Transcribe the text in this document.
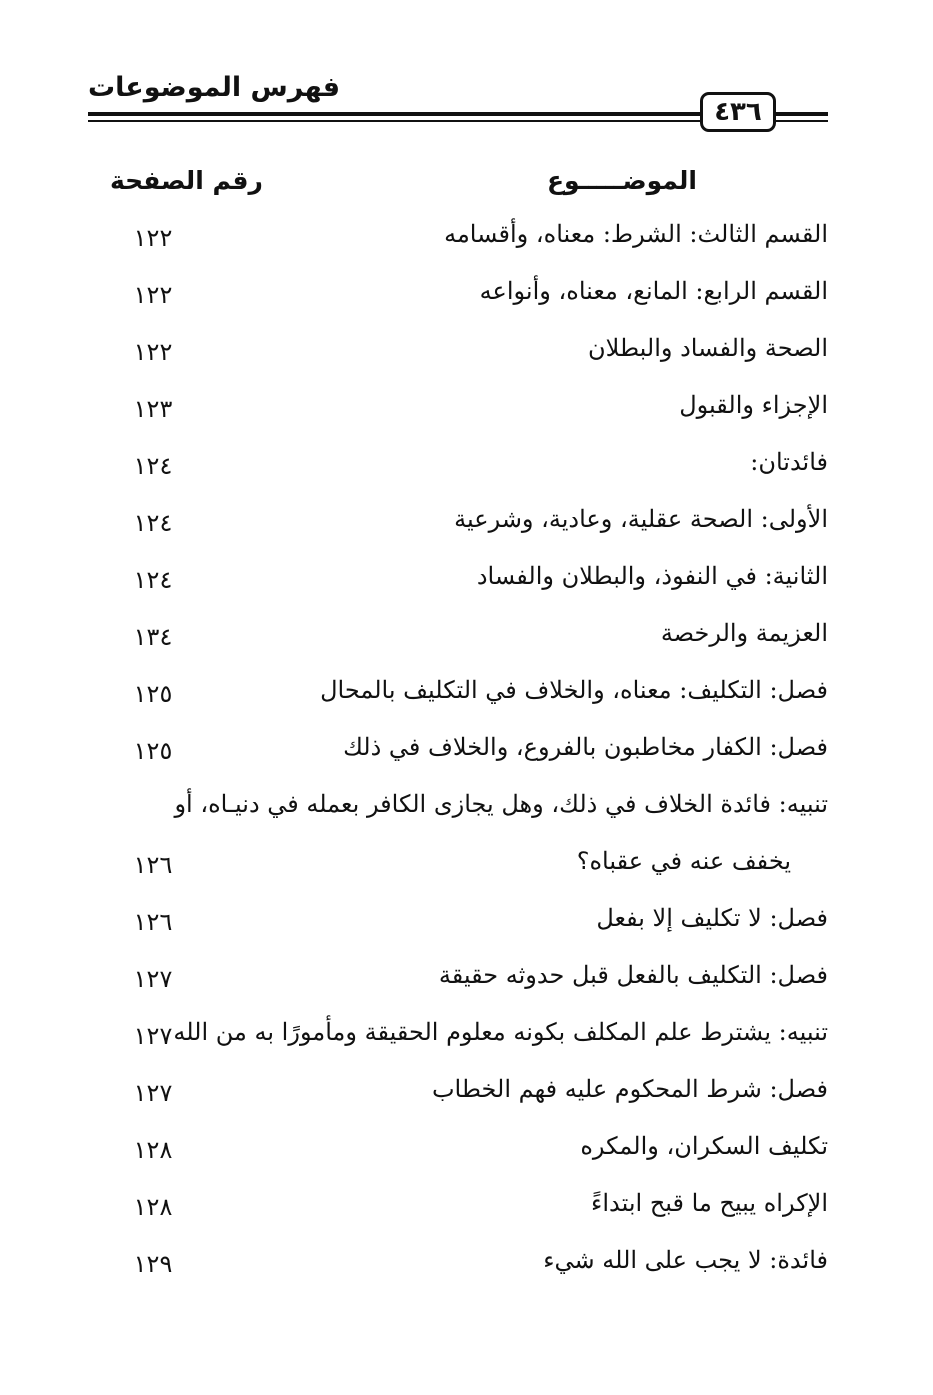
فهرس الموضوعات
٤٣٦
الموضـــــوع
رقم الصفحة
القسم الثالث: الشرط: معناه، وأقسامه
١٢٢
القسم الرابع: المانع، معناه، وأنواعه
١٢٢
الصحة والفساد والبطلان
١٢٢
الإجزاء والقبول
١٢٣
فائدتان:
١٢٤
الأولى: الصحة عقلية، وعادية، وشرعية
١٢٤
الثانية: في النفوذ، والبطلان والفساد
١٢٤
العزيمة والرخصة
١٣٤
فصل: التكليف: معناه، والخلاف في التكليف بالمحال
١٢٥
فصل: الكفار مخاطبون بالفروع، والخلاف في ذلك
١٢٥
تنبيه: فائدة الخلاف في ذلك، وهل يجازى الكافر بعمله في دنيـاه، أو
يخفف عنه في عقباه؟
١٢٦
فصل: لا تكليف إلا بفعل
١٢٦
فصل: التكليف بالفعل قبل حدوثه حقيقة
١٢٧
تنبيه: يشترط علم المكلف بكونه معلوم الحقيقة ومأمورًا به من الله
١٢٧
فصل: شرط المحكوم عليه فهم الخطاب
١٢٧
تكليف السكران، والمكره
١٢٨
الإكراه يبيح ما قبح ابتداءً
١٢٨
فائدة: لا يجب على الله شيء
١٢٩
